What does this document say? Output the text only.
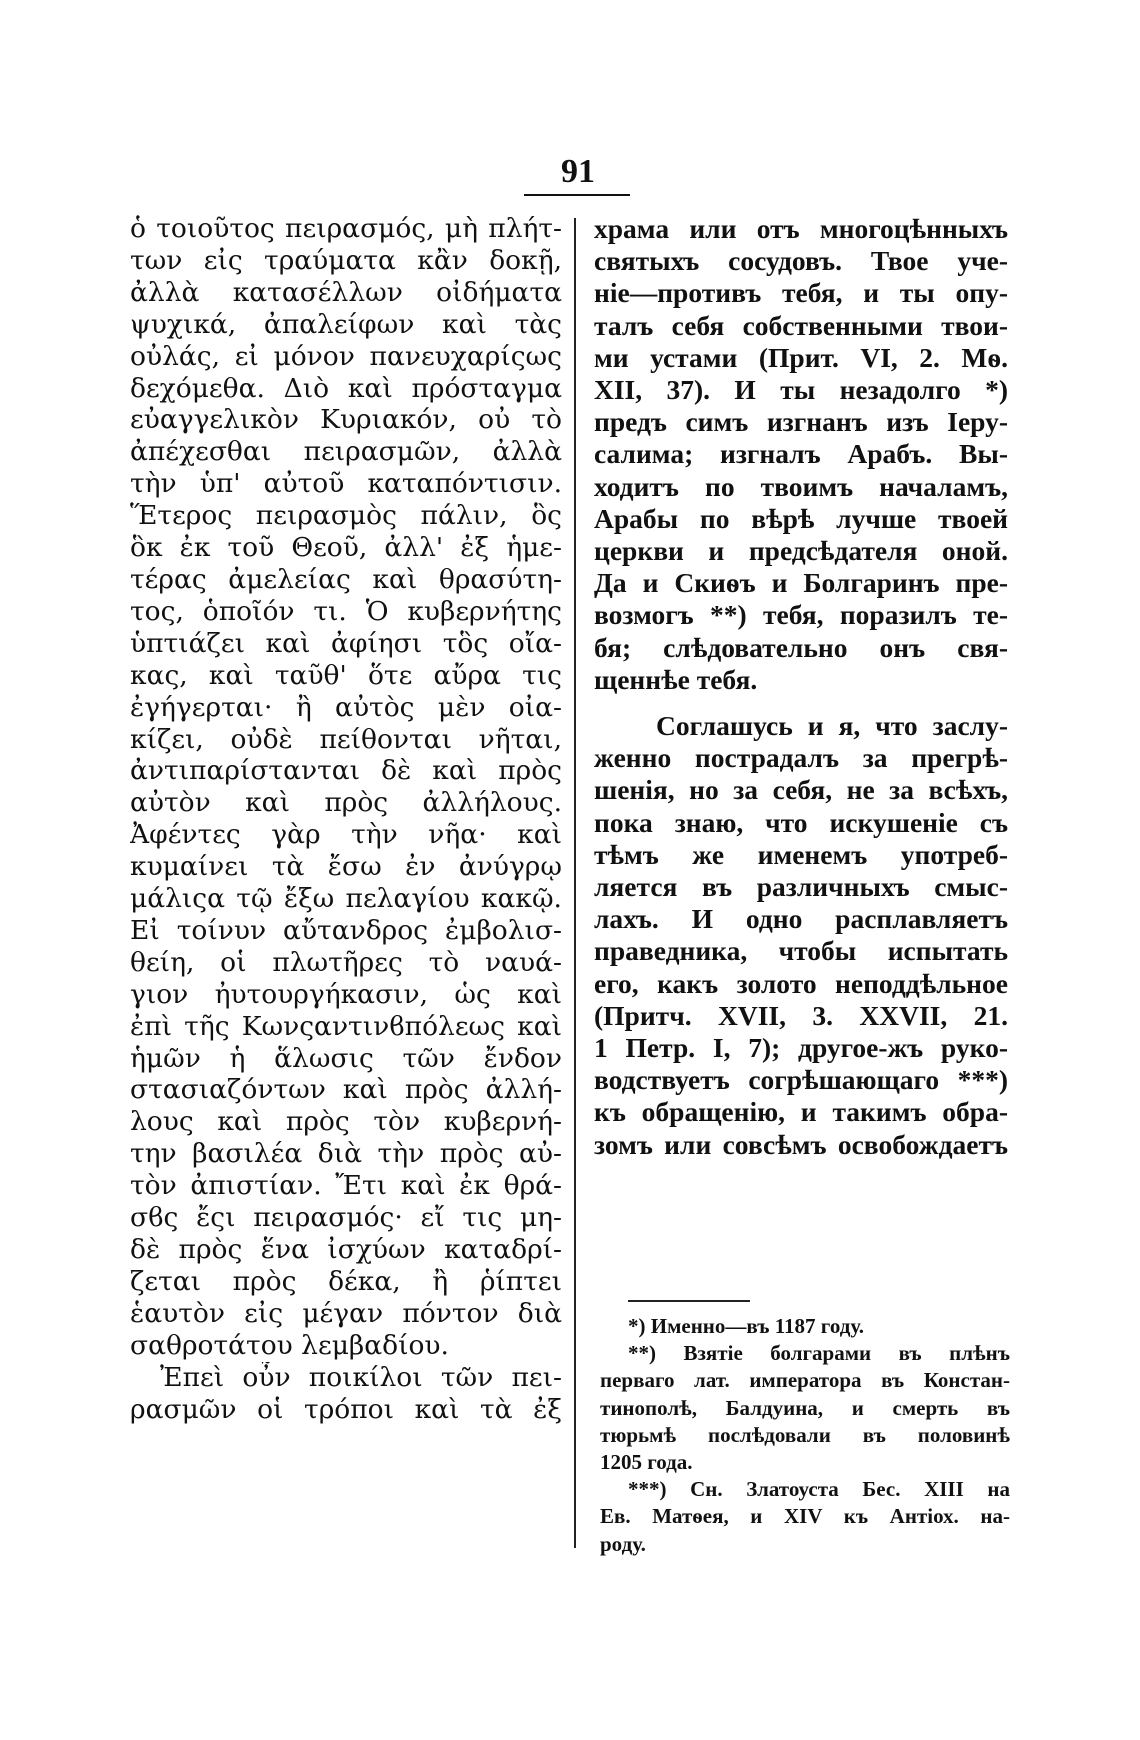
91
ὁ τοιοῦτος πειρασμός, μὴ πλήτ-
των εἰς τραύματα κἂν δοκῇ,
ἀλλὰ κατασέλλων οἰδήματα
ψυχικά, ἀπαλείφων καὶ τὰς
οὐλάς, εἰ μόνον πανευχαρίςως
δεχόμεθα. Διὸ καὶ πρόσταγμα
εὐαγγελικὸν Κυριακόν, οὐ τὸ
ἀπέχεσθαι πειρασμῶν, ἀλλὰ
τὴν ὑπ' αὐτοῦ καταπόντισιν.
Ἕτερος πειρασμὸς πάλιν, ὃς
ὃκ ἐκ τοῦ Θεοῦ, ἀλλ' ἐξ ἡμε-
τέρας ἀμελείας καὶ θρασύτη-
τος, ὁποῖόν τι. Ὁ κυβερνήτης
ὑπτιάζει καὶ ἀφίησι τὃς οἴα-
κας, καὶ ταῦθ' ὅτε αὔρα τις
ἐγήγερται· ἢ αὐτὸς μὲν οἰα-
κίζει, οὐδὲ πείθονται νῆται,
ἀντιπαρίστανται δὲ καὶ πρὸς
αὐτὸν καὶ πρὸς ἀλλήλους.
Ἀφέντες γὰρ τὴν νῆα· καὶ
κυμαίνει τὰ ἔσω ἐν ἀνύγρῳ
μάλιςα τῷ ἔξω πελαγίου κακῷ.
Εἰ τοίνυν αὔτανδρος ἐμβολισ-
θείη, οἱ πλωτῆρες τὸ ναυά-
γιον ἠυτουργήκασιν, ὡς καὶ
ἐπὶ τῆς Κωνςαντινϐπόλεως καὶ
ἡμῶν ἡ ἅλωσις τῶν ἔνδον
στασιαζόντων καὶ πρὸς ἀλλή-
λους καὶ πρὸς τὸν κυβερνή-
την βασιλέα διὰ τὴν πρὸς αὐ-
τὸν ἀπιστίαν. Ἔτι καὶ ἐκ θρά-
σϐς ἔςι πειρασμός· εἴ τις μη-
δὲ πρὸς ἕνα ἰσχύων καταδρί-
ζεται πρὸς δέκα, ἢ ῥίπτει
ἑαυτὸν εἰς μέγαν πόντον διὰ
σαθροτάτου λεμβαδίου.
Ἐπεὶ οὖν ποικίλοι τῶν πει-
ρασμῶν οἱ τρόποι καὶ τὰ ἐξ
храма или отъ многоцѣнныхъ
святыхъ сосудовъ. Твое уче-
ніе—противъ тебя, и ты опу-
талъ себя собственными твои-
ми устами (Прит. VI, 2. Мѳ.
XII, 37). И ты незадолго *)
предъ симъ изгнанъ изъ Іеру-
салима; изгналъ Арабъ. Вы-
ходитъ по твоимъ началамъ,
Арабы по вѣрѣ лучше твоей
церкви и предсѣдателя оной.
Да и Скиѳъ и Болгаринъ пре-
возмогъ **) тебя, поразилъ те-
бя; слѣдовательно онъ свя-
щеннѣе тебя.
Соглашусь и я, что заслу-
женно пострадалъ за прегрѣ-
шенія, но за себя, не за всѣхъ,
пока знаю, что искушеніе съ
тѣмъ же именемъ употреб-
ляется въ различныхъ смыс-
лахъ. И одно расплавляетъ
праведника, чтобы испытать
его, какъ золото неподдѣльное
(Притч. XVII, 3. XXVII, 21.
1 Петр. I, 7); другое-жъ руко-
водствуетъ согрѣшающаго ***)
къ обращенію, и такимъ обра-
зомъ или совсѣмъ освобождаетъ
*) Именно—въ 1187 году.
**) Взятіе болгарами въ плѣнъ
перваго лат. императора въ Констан-
тинополѣ, Балдуина, и смерть въ
тюрьмѣ послѣдовали въ половинѣ
1205 года.
***) Сн. Златоуста Бес. XIII на
Ев. Матѳея, и XIV къ Антіох. на-
роду.
